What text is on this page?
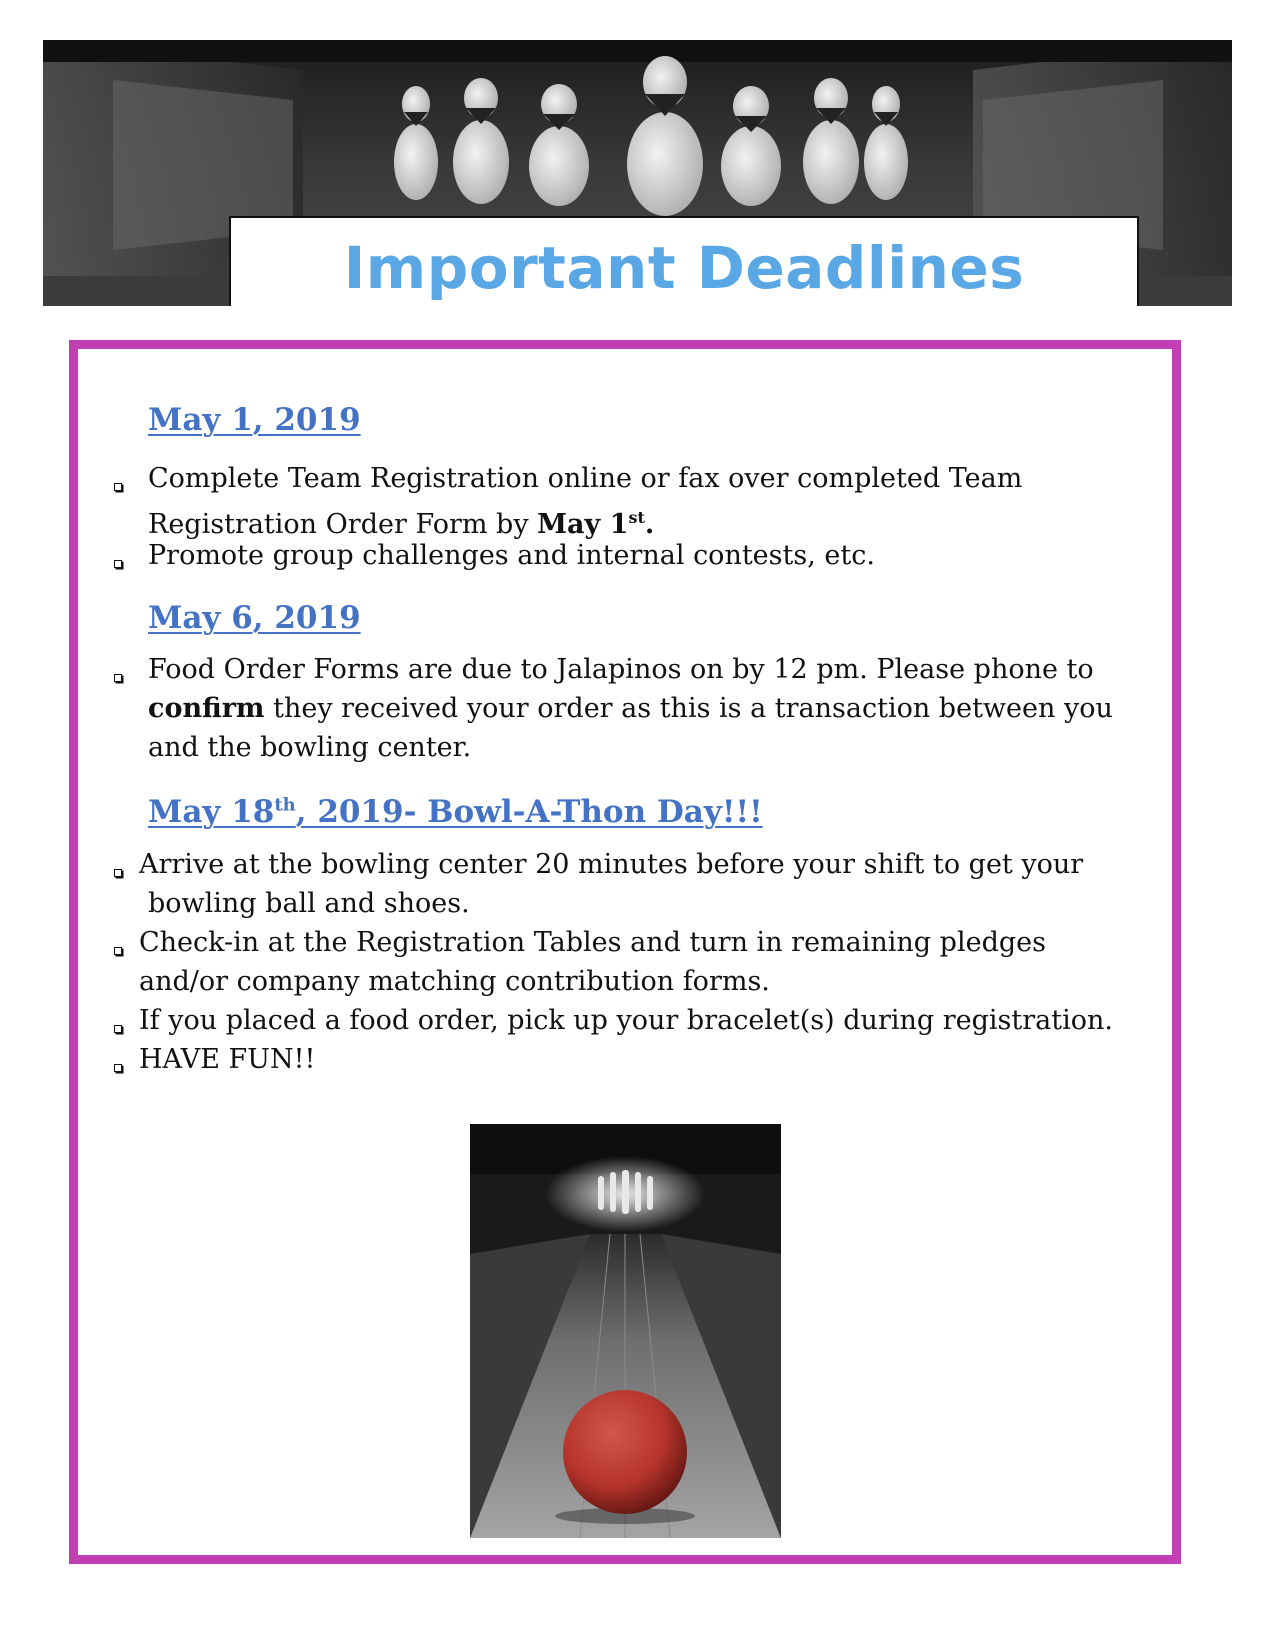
Important Deadlines
May 1, 2019
Complete Team Registration online or fax over completed Team
Registration Order Form by May 1st.
Promote group challenges and internal contests, etc.
May 6, 2019
Food Order Forms are due to Jalapinos on by 12 pm. Please phone to
confirm they received your order as this is a transaction between you
and the bowling center.
May 18th, 2019- Bowl-A-Thon Day!!!
Arrive at the bowling center 20 minutes before your shift to get your
bowling ball and shoes.
Check-in at the Registration Tables and turn in remaining pledges
and/or company matching contribution forms.
If you placed a food order, pick up your bracelet(s) during registration.
HAVE FUN!!
